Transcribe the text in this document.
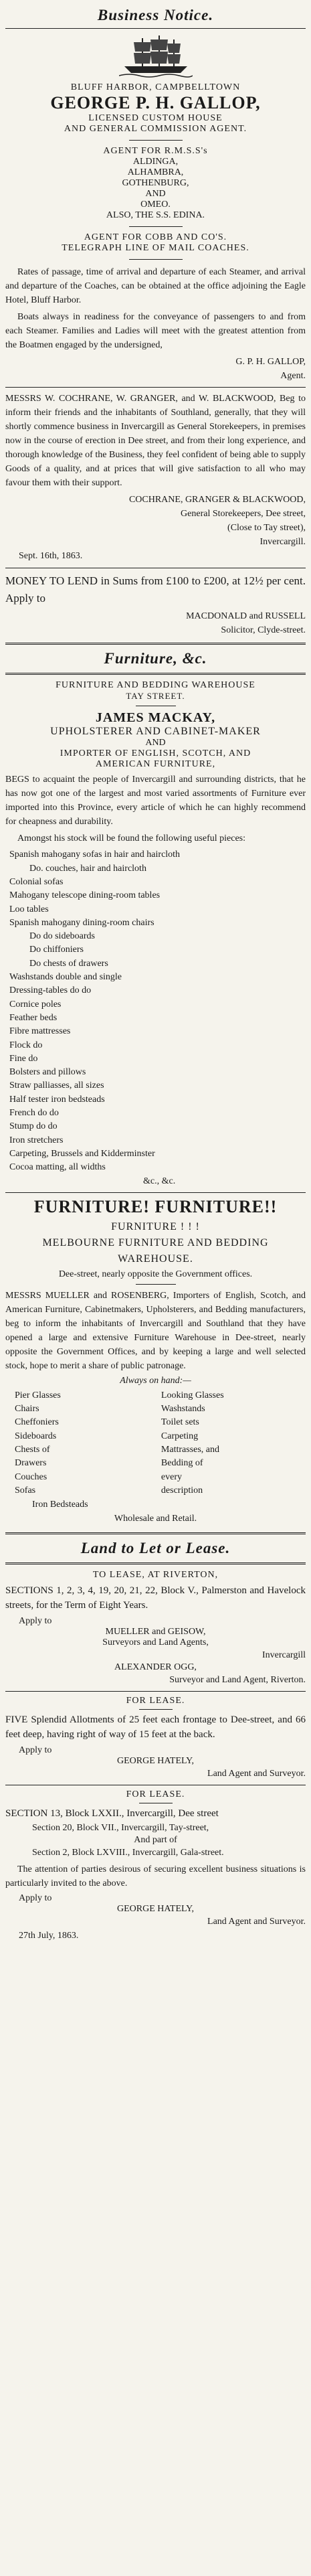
Business Notice.
BLUFF HARBOR, CAMPBELLTOWN
GEORGE P. H. GALLOP,
LICENSED CUSTOM HOUSE
AND GENERAL COMMISSION AGENT.
AGENT FOR R.M.S.S's
ALDINGA,
ALHAMBRA,
GOTHENBURG,
AND
OMEO.
ALSO, THE S.S. EDINA.
AGENT FOR COBB AND CO'S.
TELEGRAPH LINE OF MAIL COACHES.

Rates of passage, time of arrival and departure of each Steamer, and arrival and departure of the Coaches, can be obtained at the office adjoining the Eagle Hotel, Bluff Harbor.

Boats always in readiness for the conveyance of passengers to and from each Steamer. Families and Ladies will meet with the greatest attention from the Boatmen engaged by the undersigned,

G. P. H. GALLOP,
Agent.

MESSRS W. COCHRANE, W. GRANGER, and W. BLACKWOOD, Beg to inform their friends and the inhabitants of Southland, generally, that they will shortly commence business in Invercargill as General Storekeepers, in premises now in the course of erection in Dee street, and from their long experience, and thorough knowledge of the Business, they feel confident of being able to supply Goods of a quality, and at prices that will give satisfaction to all who may favour them with their support.

COCHRANE, GRANGER & BLACKWOOD,
General Storekeepers, Dee street,
(Close to Tay street),
Invercargill.
Sept. 16th, 1863.

MONEY TO LEND in Sums from £100 to £200, at 12½ per cent. Apply to

MACDONALD and RUSSELL
Solicitor, Clyde-street.
Furniture, &c.
FURNITURE AND BEDDING WAREHOUSE
TAY STREET.
JAMES MACKAY,
UPHOLSTERER AND CABINET-MAKER
AND
IMPORTER OF ENGLISH, SCOTCH, AND
AMERICAN FURNITURE,

BEGS to acquaint the people of Invercargill and surrounding districts, that he has now got one of the largest and most varied assortments of Furniture ever imported into this Province, every article of which he can highly recommend for cheapness and durability.

Amongst his stock will be found the following useful pieces:

Spanish mahogany sofas in hair and haircloth
Do. couches, hair and haircloth
Colonial sofas
Mahogany telescope dining-room tables
Loo tables
Spanish mahogany dining-room chairs
Do do sideboards
Do chiffoniers
Do chests of drawers
Washstands double and single
Dressing-tables do do
Cornice poles
Feather beds
Fibre mattresses
Flock do
Fine do
Bolsters and pillows
Straw palliasses, all sizes
Half tester iron bedsteads
French do do
Stump do do
Iron stretchers
Carpeting, Brussels and Kidderminster
Cocoa matting, all widths
&c., &c.
FURNITURE! FURNITURE!!
FURNITURE ! ! !
MELBOURNE FURNITURE AND BEDDING
WAREHOUSE.
Dee-street, nearly opposite the Government offices.

MESSRS MUELLER and ROSENBERG, Importers of English, Scotch, and American Furniture, Cabinetmakers, Upholsterers, and Bedding manufacturers, beg to inform the inhabitants of Invercargill and Southland that they have opened a large and extensive Furniture Warehouse in Dee-street, nearly opposite the Government Offices, and by keeping a large and well selected stock, hope to merit a share of public patronage.

Always on hand:—
Pier Glasses
Chairs
Cheffoniers
Sideboards
Chests of Drawers
Couches
Sofas
Looking Glasses
Washstands
Toilet sets
Carpeting
Mattrasses, and
Bedding of every
description
Iron Bedsteads
Wholesale and Retail.
Land to Let or Lease.
TO LEASE, AT RIVERTON,

SECTIONS 1, 2, 3, 4, 19, 20, 21, 22, Block V., Palmerston and Havelock streets, for the Term of Eight Years.

Apply to
MUELLER and GEISOW,
Surveyors and Land Agents,
Invercargill
ALEXANDER OGG,
Surveyor and Land Agent, Riverton.
FOR LEASE.

FIVE Splendid Allotments of 25 feet each frontage to Dee-street, and 66 feet deep, having right of way of 15 feet at the back.

Apply to
GEORGE HATELY,
Land Agent and Surveyor.
FOR LEASE.
SECTION 13, Block LXXII., Invercargill, Dee street
Section 20, Block VII., Invercargill, Tay-street,
And part of
Section 2, Block LXVIII., Invercargill, Gala-street.

The attention of parties desirous of securing excellent business situations is particularly invited to the above.

Apply to
GEORGE HATELY,
Land Agent and Surveyor.
27th July, 1863.
